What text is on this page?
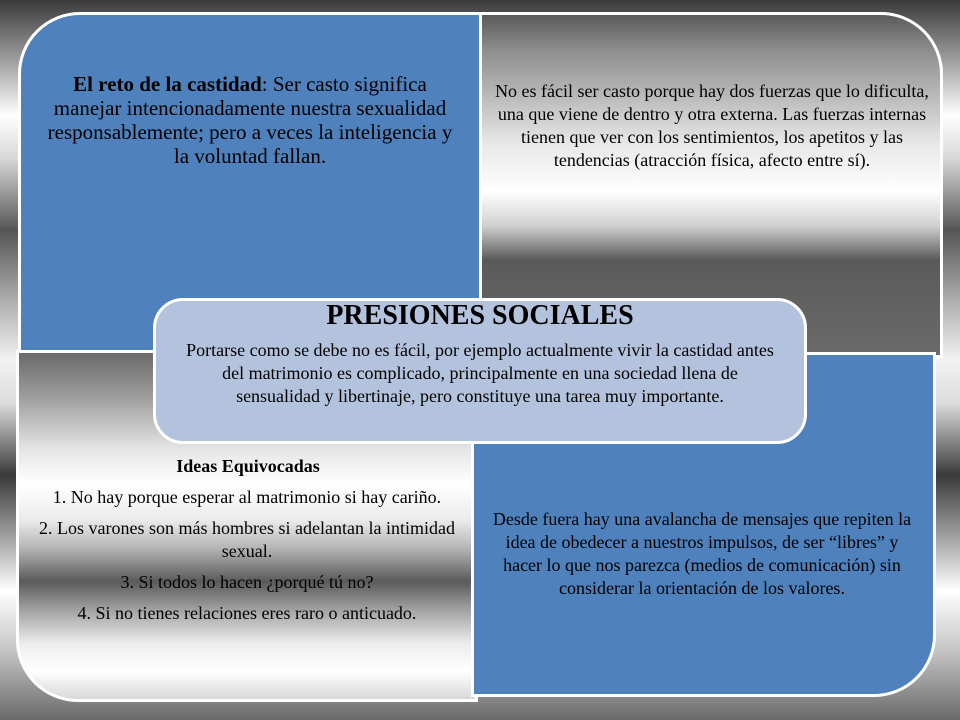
El reto de la castidad: Ser casto significa manejar intencionadamente nuestra sexualidad responsablemente; pero a veces la inteligencia y la voluntad fallan.
No es fácil ser casto porque hay dos fuerzas que lo dificulta, una que viene de dentro y otra externa. Las fuerzas internas tienen que ver con los sentimientos, los apetitos y las tendencias (atracción física, afecto entre sí).
Ideas Equivocadas

1. No hay porque esperar al matrimonio si hay cariño.

2. Los varones son más hombres si adelantan la intimidad sexual.

3. Si todos lo hacen ¿porqué tú no?

4. Si no tienes relaciones eres raro o anticuado.

Desde fuera hay una avalancha de mensajes que repiten la idea de obedecer a nuestros impulsos, de ser “libres” y hacer lo que nos parezca (medios de comunicación) sin considerar la orientación de los valores.
PRESIONES SOCIALES
Portarse como se debe no es fácil, por ejemplo actualmente vivir la castidad antes del matrimonio es complicado, principalmente en una sociedad llena de sensualidad y libertinaje, pero constituye una tarea muy importante.
